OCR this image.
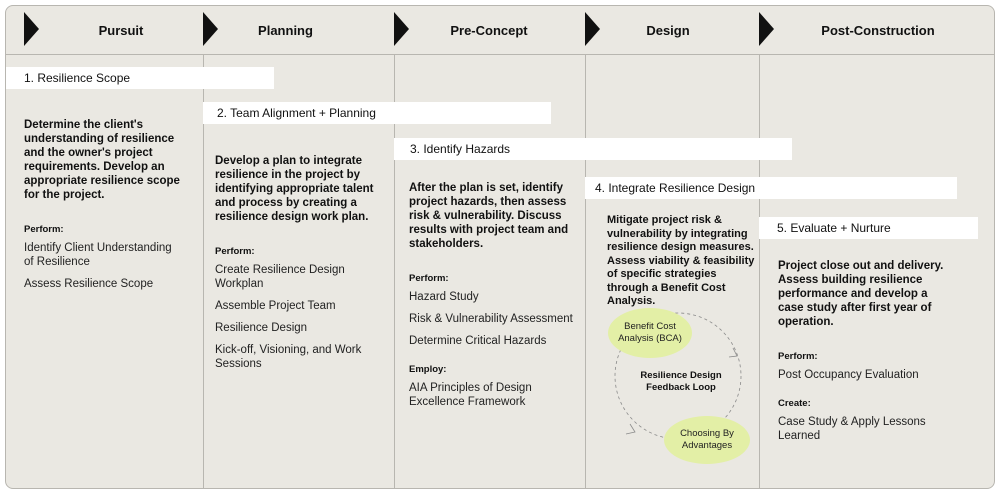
Pursuit	Planning	Pre-Concept	Design	Post-Construction
1. Resilience Scope
2. Team Alignment + Planning
3. Identify Hazards
4. Integrate Resilience Design
5. Evaluate + Nurture

Determine the client's understanding of resilience and the owner's project requirements. Develop an appropriate resilience scope for the project.

Perform:
Identify Client Understanding of Resilience
Assess Resilience Scope

Develop a plan to integrate resilience in the project by identifying appropriate talent and process by creating a resilience design work plan.

Perform:
Create Resilience Design Workplan
Assemble Project Team
Resilience Design
Kick-off, Visioning, and Work Sessions

After the plan is set, identify project hazards, then assess risk & vulnerability. Discuss results with project team and stakeholders.

Perform:
Hazard Study
Risk & Vulnerability Assessment
Determine Critical Hazards
Employ:
AIA Principles of Design Excellence Framework

Mitigate project risk & vulnerability by integrating resilience design measures. Assess viability & feasibility of specific strategies through a Benefit Cost Analysis.

Benefit Cost Analysis (BCA)
Resilience Design Feedback Loop
Choosing By Advantages

Project close out and delivery. Assess building resilience performance and develop a case study after first year of operation.

Perform:
Post Occupancy Evaluation
Create:
Case Study & Apply Lessons Learned
